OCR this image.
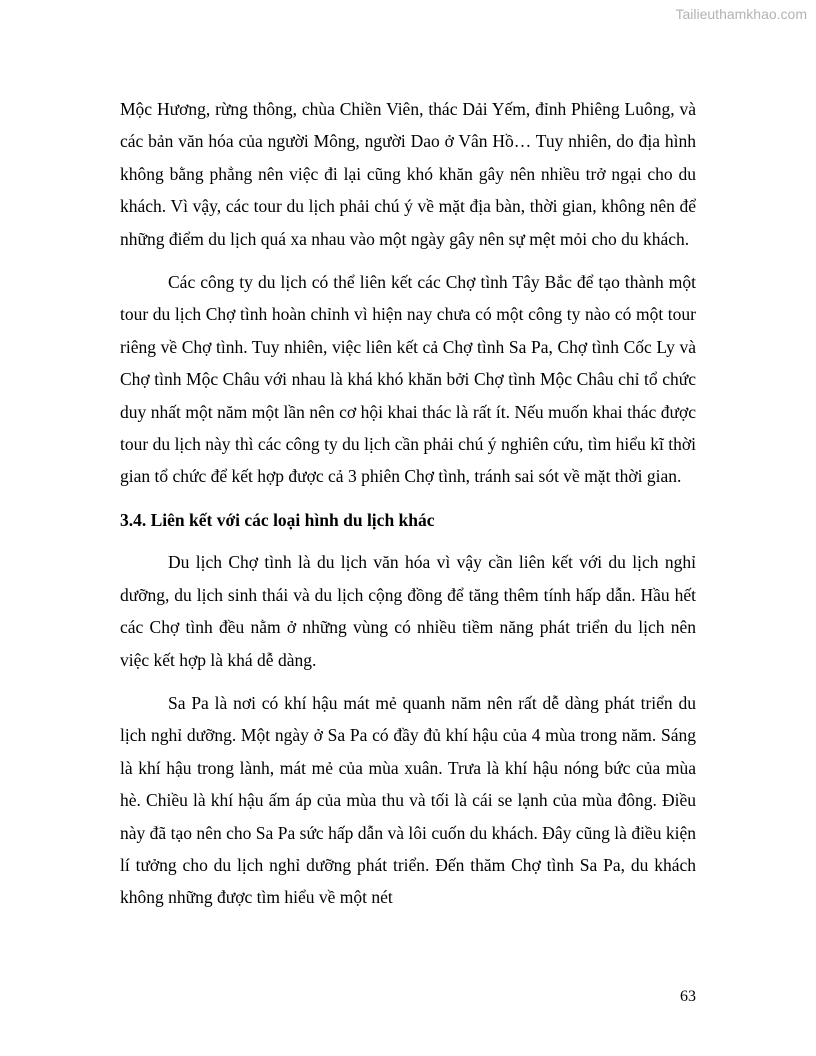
Tailieuthamkhao.com

Mộc Hương, rừng thông, chùa Chiền Viên, thác Dải Yếm, đỉnh Phiêng Luông, và các bản văn hóa của người Mông, người Dao ở Vân Hồ… Tuy nhiên, do địa hình không bằng phẳng nên việc đi lại cũng khó khăn gây nên nhiều trở ngại cho du khách. Vì vậy, các tour du lịch phải chú ý về mặt địa bàn, thời gian, không nên để những điểm du lịch quá xa nhau vào một ngày gây nên sự mệt mỏi cho du khách.

Các công ty du lịch có thể liên kết các Chợ tình Tây Bắc để tạo thành một tour du lịch Chợ tình hoàn chỉnh vì hiện nay chưa có một công ty nào có một tour riêng về Chợ tình. Tuy nhiên, việc liên kết cả Chợ tình Sa Pa, Chợ tình Cốc Ly và Chợ tình Mộc Châu với nhau là khá khó khăn bởi Chợ tình Mộc Châu chỉ tổ chức duy nhất một năm một lần nên cơ hội khai thác là rất ít. Nếu muốn khai thác được tour du lịch này thì các công ty du lịch cần phải chú ý nghiên cứu, tìm hiểu kĩ thời gian tổ chức để kết hợp được cả 3 phiên Chợ tình, tránh sai sót về mặt thời gian.

3.4. Liên kết với các loại hình du lịch khác

Du lịch Chợ tình là du lịch văn hóa vì vậy cần liên kết với du lịch nghỉ dưỡng, du lịch sinh thái và du lịch cộng đồng để tăng thêm tính hấp dẫn. Hầu hết các Chợ tình đều nằm ở những vùng có nhiều tiềm năng phát triển du lịch nên việc kết hợp là khá dễ dàng.

Sa Pa là nơi có khí hậu mát mẻ quanh năm nên rất dễ dàng phát triển du lịch nghỉ dưỡng. Một ngày ở Sa Pa có đầy đủ khí hậu của 4 mùa trong năm. Sáng là khí hậu trong lành, mát mẻ của mùa xuân. Trưa là khí hậu nóng bức của mùa hè. Chiều là khí hậu ấm áp của mùa thu và tối là cái se lạnh của mùa đông. Điều này đã tạo nên cho Sa Pa sức hấp dẫn và lôi cuốn du khách. Đây cũng là điều kiện lí tưởng cho du lịch nghỉ dưỡng phát triển. Đến thăm Chợ tình Sa Pa, du khách không những được tìm hiểu về một nét

63
